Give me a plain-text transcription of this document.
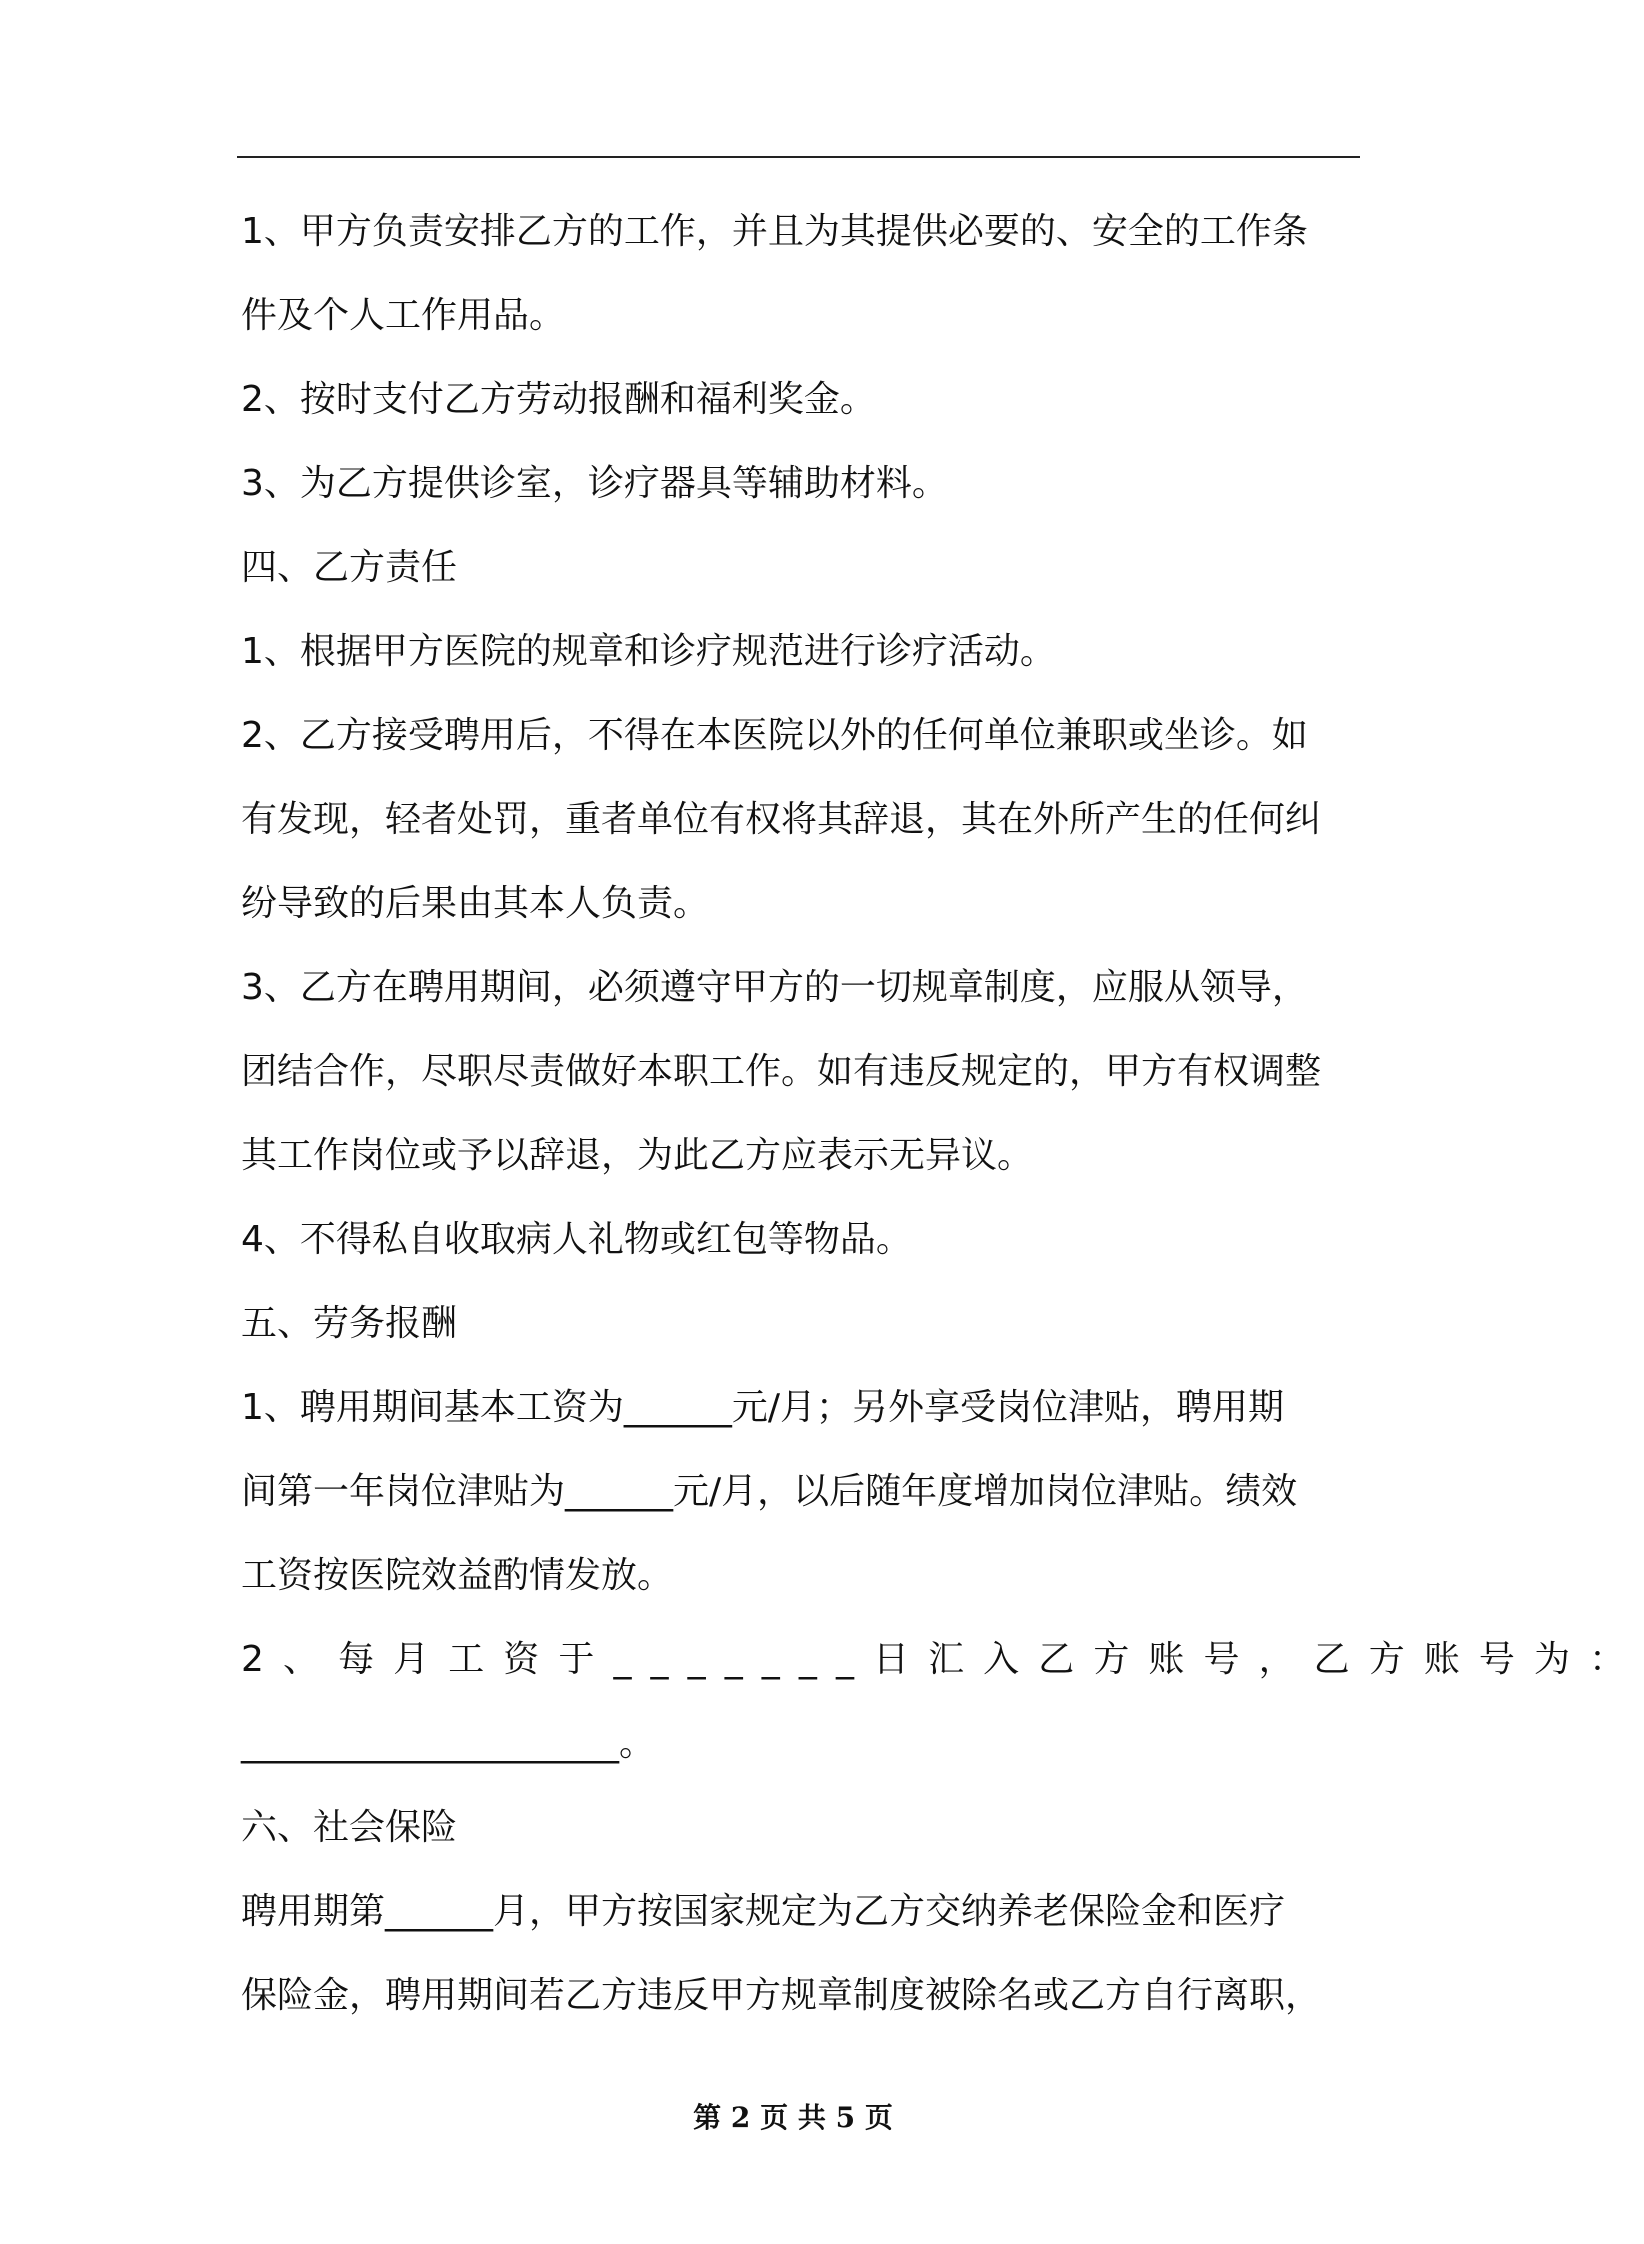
1、甲方负责安排乙方的工作，并且为其提供必要的、安全的工作条

件及个人工作用品。

2、按时支付乙方劳动报酬和福利奖金。

3、为乙方提供诊室，诊疗器具等辅助材料。

四、乙方责任

1、根据甲方医院的规章和诊疗规范进行诊疗活动。

2、乙方接受聘用后，不得在本医院以外的任何单位兼职或坐诊。如

有发现，轻者处罚，重者单位有权将其辞退，其在外所产生的任何纠

纷导致的后果由其本人负责。

3、乙方在聘用期间，必须遵守甲方的一切规章制度，应服从领导，

团结合作，尽职尽责做好本职工作。如有违反规定的，甲方有权调整

其工作岗位或予以辞退，为此乙方应表示无异议。

4、不得私自收取病人礼物或红包等物品。

五、劳务报酬

1、聘用期间基本工资为______元/月；另外享受岗位津贴，聘用期

间第一年岗位津贴为______元/月，以后随年度增加岗位津贴。绩效

工资按医院效益酌情发放。

2、每月工资于_______日汇入乙方账号，乙方账号为：

_____________________。

六、社会保险

聘用期第______月，甲方按国家规定为乙方交纳养老保险金和医疗

保险金，聘用期间若乙方违反甲方规章制度被除名或乙方自行离职，

第 2 页 共 5 页
